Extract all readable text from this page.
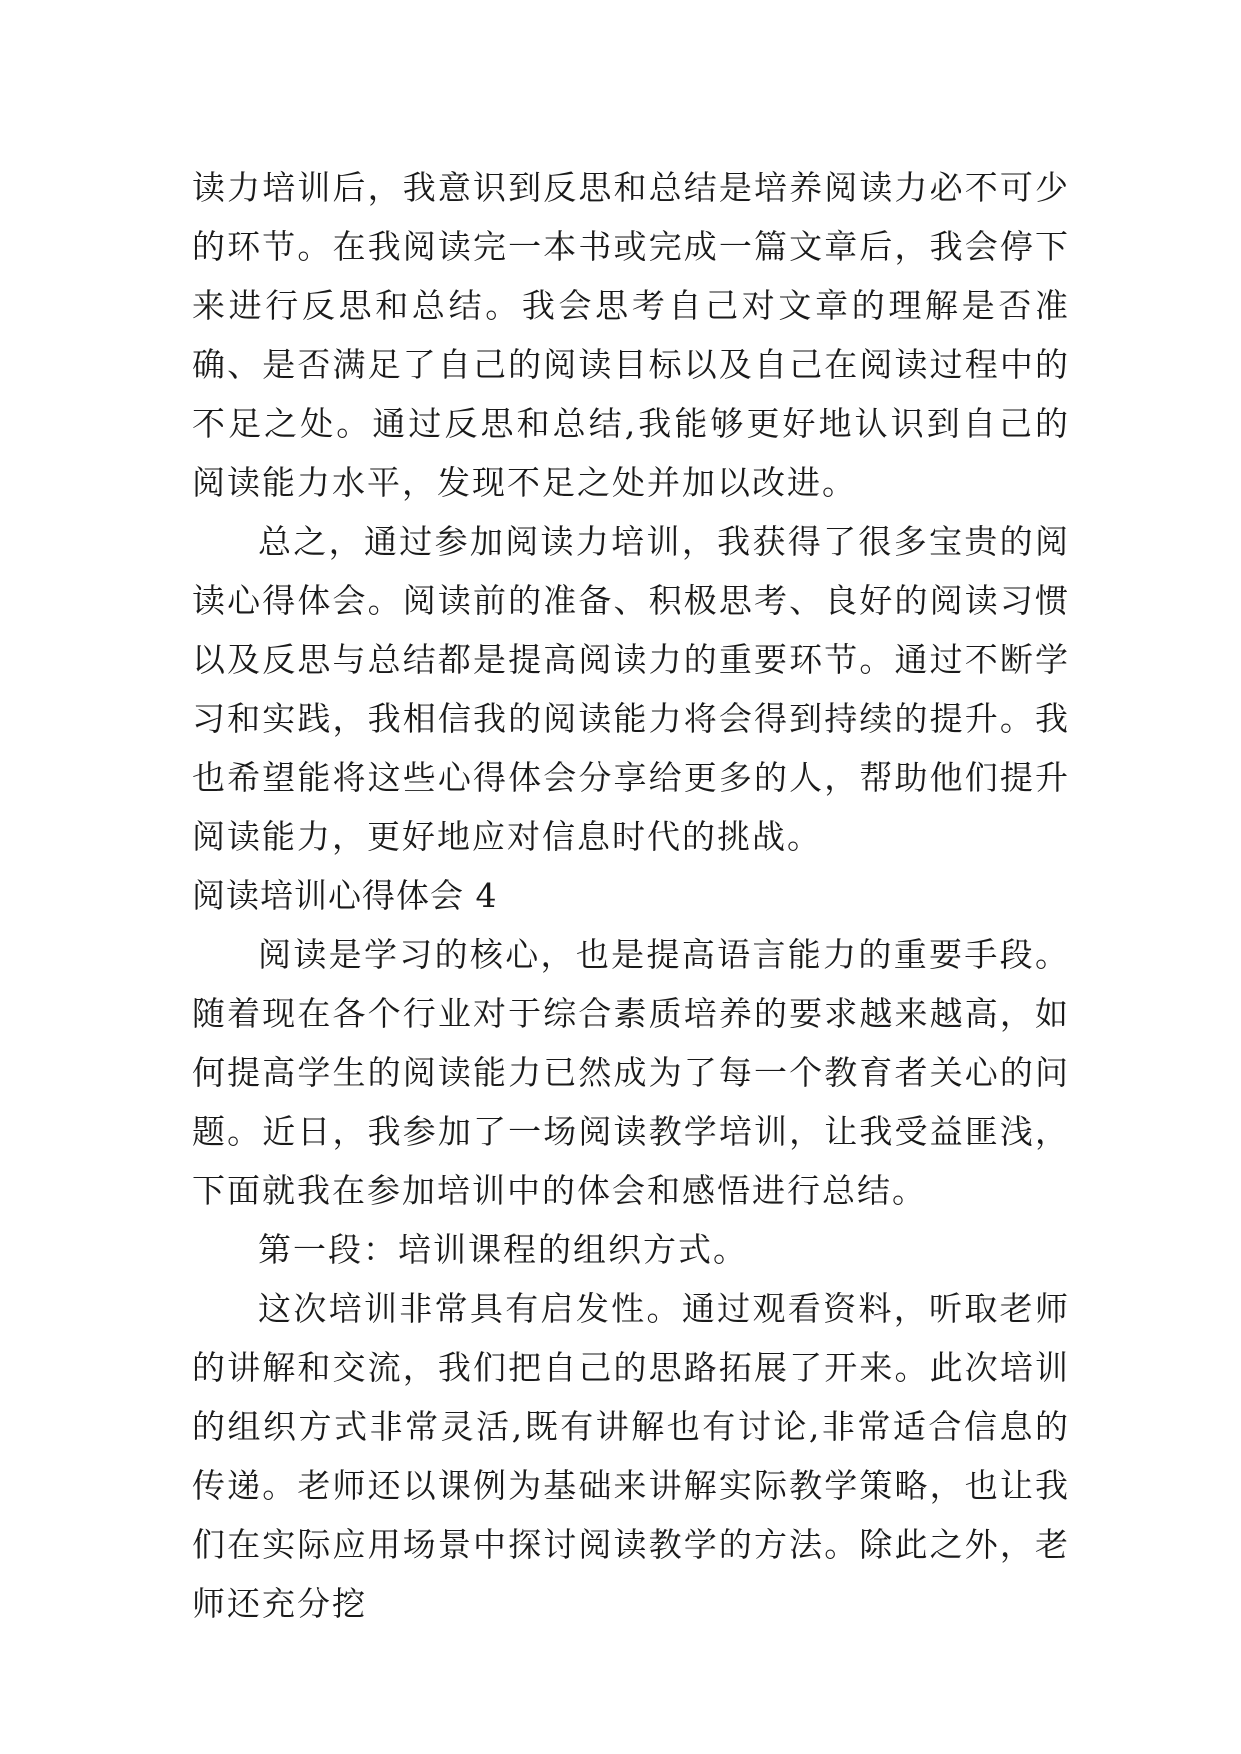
读力培训后，我意识到反思和总结是培养阅读力必不可少的环节。在我阅读完一本书或完成一篇文章后，我会停下来进行反思和总结。我会思考自己对文章的理解是否准确、是否满足了自己的阅读目标以及自己在阅读过程中的不足之处。通过反思和总结,我能够更好地认识到自己的阅读能力水平，发现不足之处并加以改进。

总之，通过参加阅读力培训，我获得了很多宝贵的阅读心得体会。阅读前的准备、积极思考、良好的阅读习惯以及反思与总结都是提高阅读力的重要环节。通过不断学习和实践，我相信我的阅读能力将会得到持续的提升。我也希望能将这些心得体会分享给更多的人，帮助他们提升阅读能力，更好地应对信息时代的挑战。

阅读培训心得体会 4

阅读是学习的核心，也是提高语言能力的重要手段。随着现在各个行业对于综合素质培养的要求越来越高，如何提高学生的阅读能力已然成为了每一个教育者关心的问题。近日，我参加了一场阅读教学培训，让我受益匪浅，下面就我在参加培训中的体会和感悟进行总结。

第一段：培训课程的组织方式。

这次培训非常具有启发性。通过观看资料，听取老师的讲解和交流，我们把自己的思路拓展了开来。此次培训的组织方式非常灵活,既有讲解也有讨论,非常适合信息的传递。老师还以课例为基础来讲解实际教学策略，也让我们在实际应用场景中探讨阅读教学的方法。除此之外，老师还充分挖
